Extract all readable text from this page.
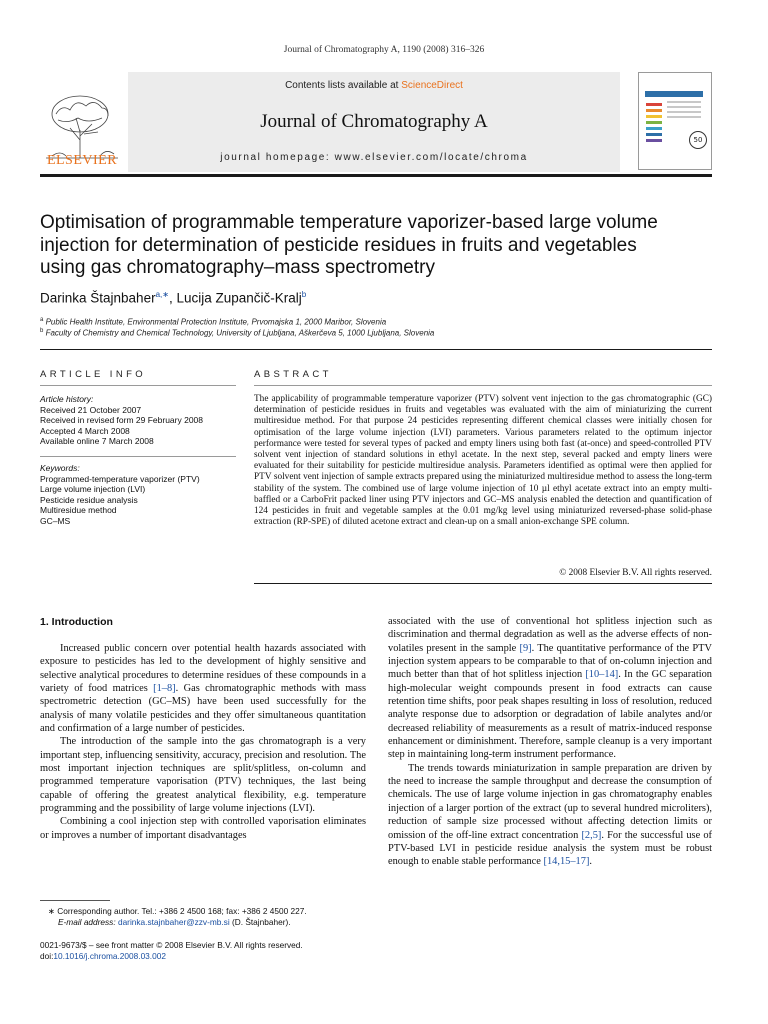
Journal of Chromatography A, 1190 (2008) 316–326
ELSEVIER
Contents lists available at ScienceDirect
Journal of Chromatography A
journal homepage: www.elsevier.com/locate/chroma
50
Optimisation of programmable temperature vaporizer-based large volume
injection for determination of pesticide residues in fruits and vegetables
using gas chromatography–mass spectrometry
Darinka Štajnbaher$^{a,∗}$, Lucija Zupančič-Kralj$^b$
$^a$ Public Health Institute, Environmental Protection Institute, Prvomajska 1, 2000 Maribor, Slovenia
$^b$ Faculty of Chemistry and Chemical Technology, University of Ljubljana, Aškerčeva 5, 1000 Ljubljana, Slovenia
ARTICLE INFO
Article history:
Received 21 October 2007
Received in revised form 29 February 2008
Accepted 4 March 2008
Available online 7 March 2008
Keywords:
Programmed-temperature vaporizer (PTV)
Large volume injection (LVI)
Pesticide residue analysis
Multiresidue method
GC–MS
ABSTRACT
The applicability of programmable temperature vaporizer (PTV) solvent vent injection to the gas chromatographic (GC) determination of pesticide residues in fruits and vegetables was evaluated with the aim of miniaturizing the current multiresidue method. For that purpose 24 pesticides representing different chemical classes were initially chosen for optimisation of the large volume injection (LVI) parameters. Various parameters related to the optimum injector performance were tested for several types of packed and empty liners using both fast (at-once) and speed-controlled PTV solvent vent injection of standard solutions in ethyl acetate. In the next step, several packed and empty liners were evaluated for their suitability for pesticide multiresidue analysis. Parameters identified as optimal were then applied for PTV solvent vent injection of sample extracts prepared using the miniaturized multiresidue method to assess the long-term stability of the system. The combined use of large volume injection of 10 µl ethyl acetate extract into an empty multi-baffled or a CarboFrit packed liner using PTV injectors and GC–MS analysis enabled the detection and quantification of 124 pesticides in fruit and vegetable samples at the 0.01 mg/kg level using miniaturized reversed-phase solid-phase extraction (RP-SPE) of diluted acetone extract and clean-up on a small anion-exchange SPE column.
© 2008 Elsevier B.V. All rights reserved.
1. Introduction

Increased public concern over potential health hazards associated with exposure to pesticides has led to the development of highly sensitive and selective analytical procedures to determine residues of these compounds in a variety of food matrices [1–8]. Gas chromatographic methods with mass spectrometric detection (GC–MS) have been used successfully for the analysis of many volatile pesticides and they offer simultaneous quantitation and confirmation of a large number of pesticides.

The introduction of the sample into the gas chromatograph is a very important step, influencing sensitivity, accuracy, precision and resolution. The most important injection techniques are split/splitless, on-column and programmed temperature vaporisation (PTV) techniques, the last being capable of offering the greatest analytical flexibility, e.g. temperature programming and the possibility of large volume injections (LVI).

Combining a cool injection step with controlled vaporisation eliminates or improves a number of important disadvantages

associated with the use of conventional hot splitless injection such as discrimination and thermal degradation as well as the adverse effects of non-volatiles present in the sample [9]. The quantitative performance of the PTV injection system appears to be comparable to that of on-column injection and much better than that of hot splitless injection [10–14]. In the GC separation high-molecular weight compounds present in food extracts can cause retention time shifts, poor peak shapes resulting in loss of resolution, reduced analyte response due to adsorption or degradation of labile analytes and/or decreased reliability of measurements as a result of matrix-induced response enhancement or diminishment. Therefore, sample cleanup is a very important step in maintaining long-term instrument performance.

The trends towards miniaturization in sample preparation are driven by the need to increase the sample throughput and decrease the consumption of chemicals. The use of large volume injection in gas chromatography enables injection of a larger portion of the extract (up to several hundred microliters), reduction of sample size processed without affecting detection limits or omission of the off-line extract concentration [2,5]. For the successful use of PTV-based LVI in pesticide residue analysis the system must be robust enough to enable stable performance [14,15–17].

∗ Corresponding author. Tel.: +386 2 4500 168; fax: +386 2 4500 227.
E-mail address: darinka.stajnbaher@zzv-mb.si (D. Štajnbaher).
0021-9673/$ – see front matter © 2008 Elsevier B.V. All rights reserved.
doi:10.1016/j.chroma.2008.03.002
